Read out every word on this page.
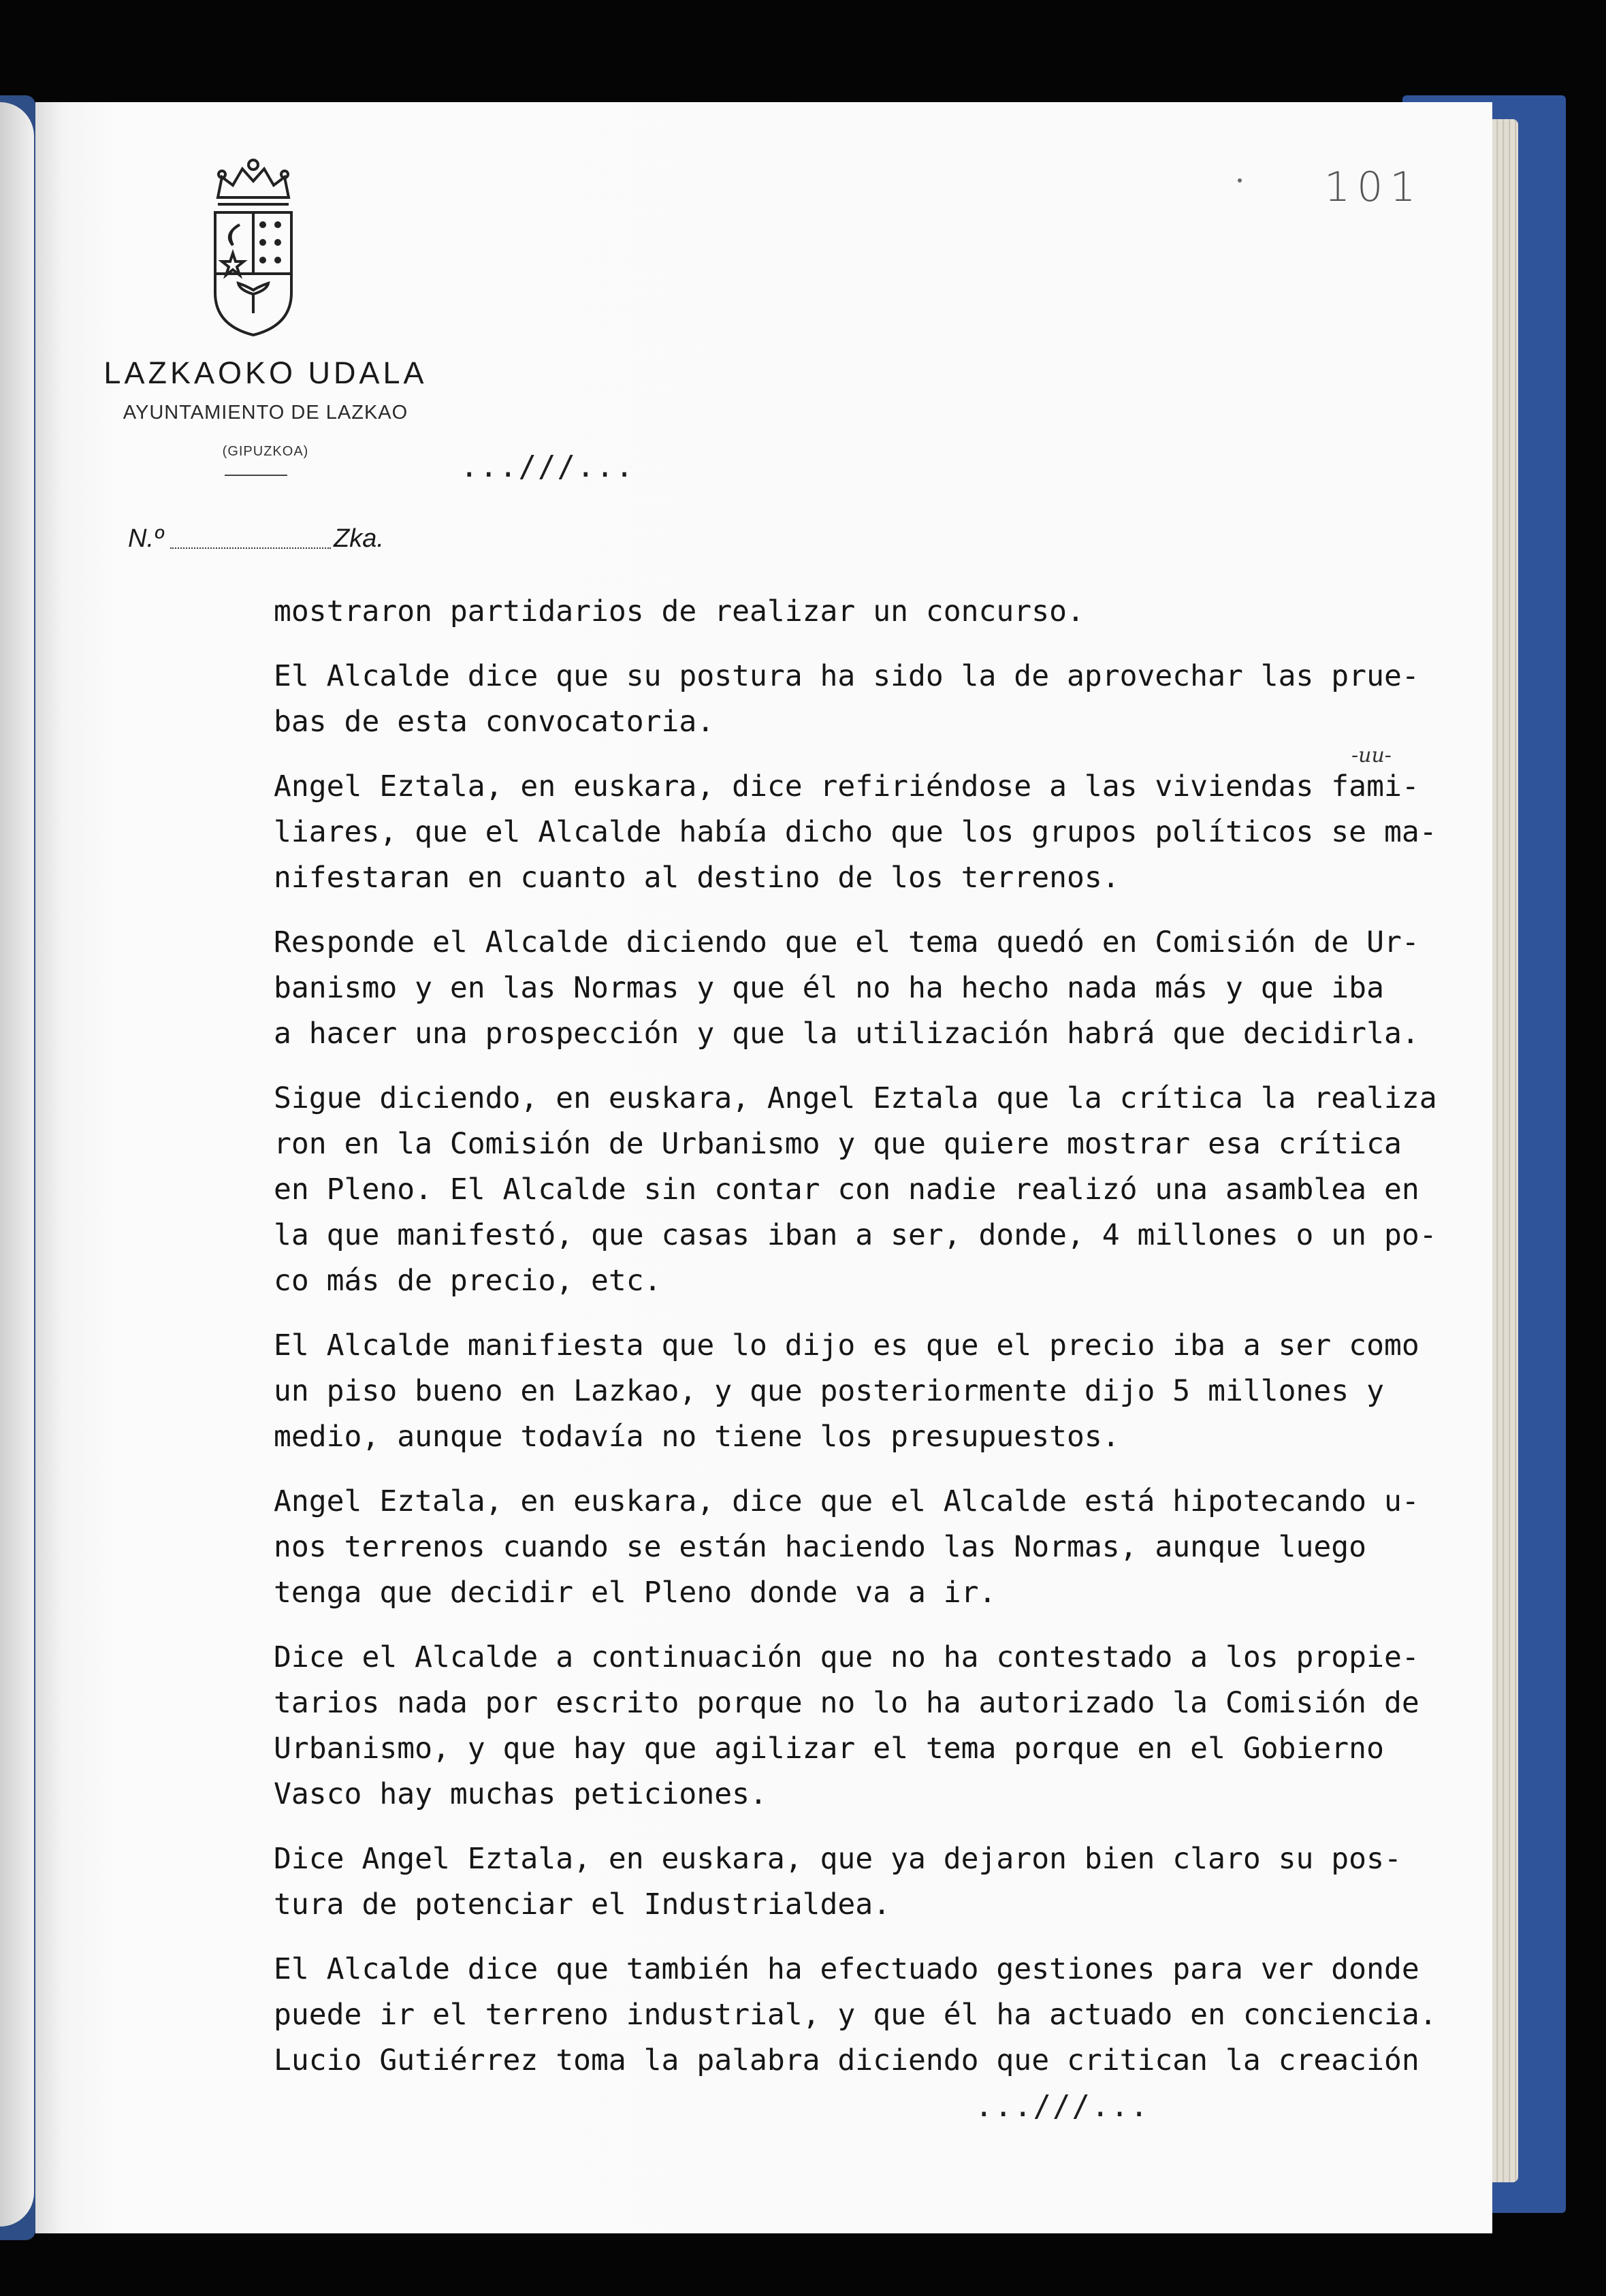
LAZKAOKO UDALA
AYUNTAMIENTO DE LAZKAO
(GIPUZKOA)
101
...///...
N.º	Zka.
-uu-

mostraron partidarios de realizar un concurso.

El Alcalde dice que su postura ha sido la de aprovechar las prue-

bas de esta convocatoria.

Angel Eztala, en euskara, dice refiriéndose a las viviendas fami-

liares, que el Alcalde había dicho que los grupos políticos se ma-

nifestaran en cuanto al destino de los terrenos.

Responde el Alcalde diciendo que el tema quedó en Comisión de Ur-

banismo y en las Normas y que él no ha hecho nada más y que iba

a hacer una prospección y que la utilización habrá que decidirla.

Sigue diciendo, en euskara, Angel Eztala que la crítica la realiza

ron en la Comisión de Urbanismo y que quiere mostrar esa crítica

en Pleno. El Alcalde sin contar con nadie realizó una asamblea en

la que manifestó, que casas iban a ser, donde, 4 millones o un po-

co más de precio, etc.

El Alcalde manifiesta que lo dijo es que el precio iba a ser como

un piso bueno en Lazkao, y que posteriormente dijo 5 millones y

medio, aunque todavía no tiene los presupuestos.

Angel Eztala, en euskara, dice que el Alcalde está hipotecando u-

nos terrenos cuando se están haciendo las Normas, aunque luego

tenga que decidir el Pleno donde va a ir.

Dice el Alcalde a continuación que no ha contestado a los propie-

tarios nada por escrito porque no lo ha autorizado la Comisión de

Urbanismo, y que hay que agilizar el tema porque en el Gobierno

Vasco hay muchas peticiones.

Dice Angel Eztala, en euskara, que ya dejaron bien claro su pos-

tura de potenciar el Industrialdea.

El Alcalde dice que también ha efectuado gestiones para ver donde

puede ir el terreno industrial, y que él ha actuado en conciencia.

Lucio Gutiérrez toma la palabra diciendo que critican la creación

...///...
